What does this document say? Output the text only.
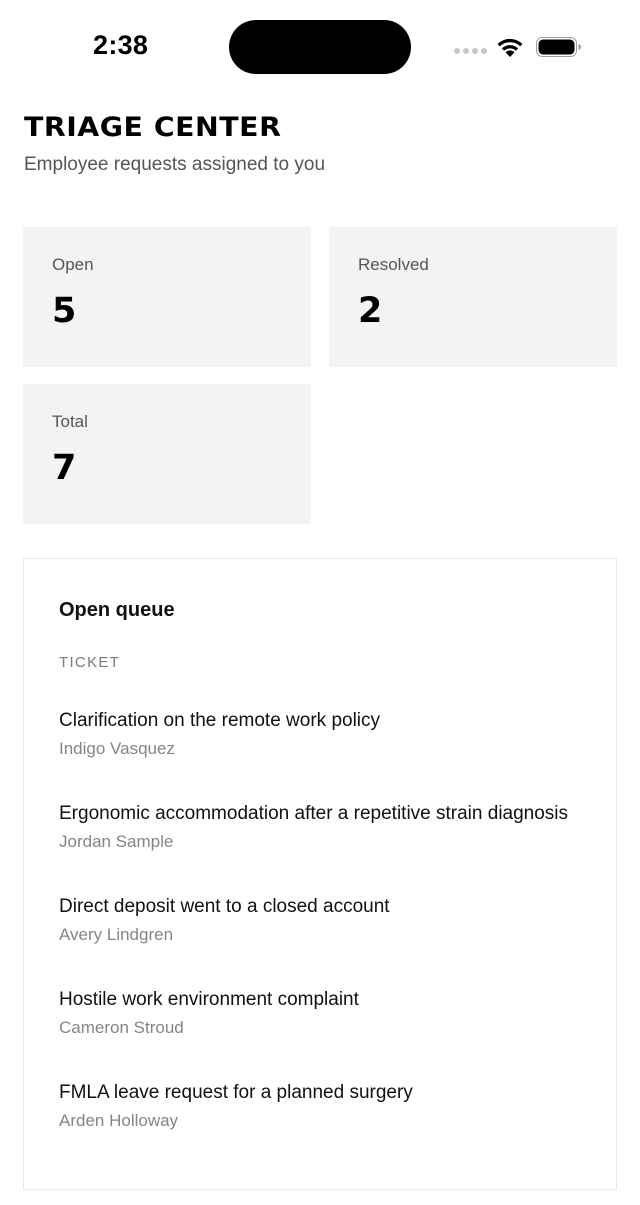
2:38
TRIAGE CENTER

Employee requests assigned to you

Open
5
Resolved
2
Total
7
Open queue
TICKET
Clarification on the remote work policy
Indigo Vasquez
Ergonomic accommodation after a repetitive strain diagnosis
Jordan Sample
Direct deposit went to a closed account
Avery Lindgren
Hostile work environment complaint
Cameron Stroud
FMLA leave request for a planned surgery
Arden Holloway
